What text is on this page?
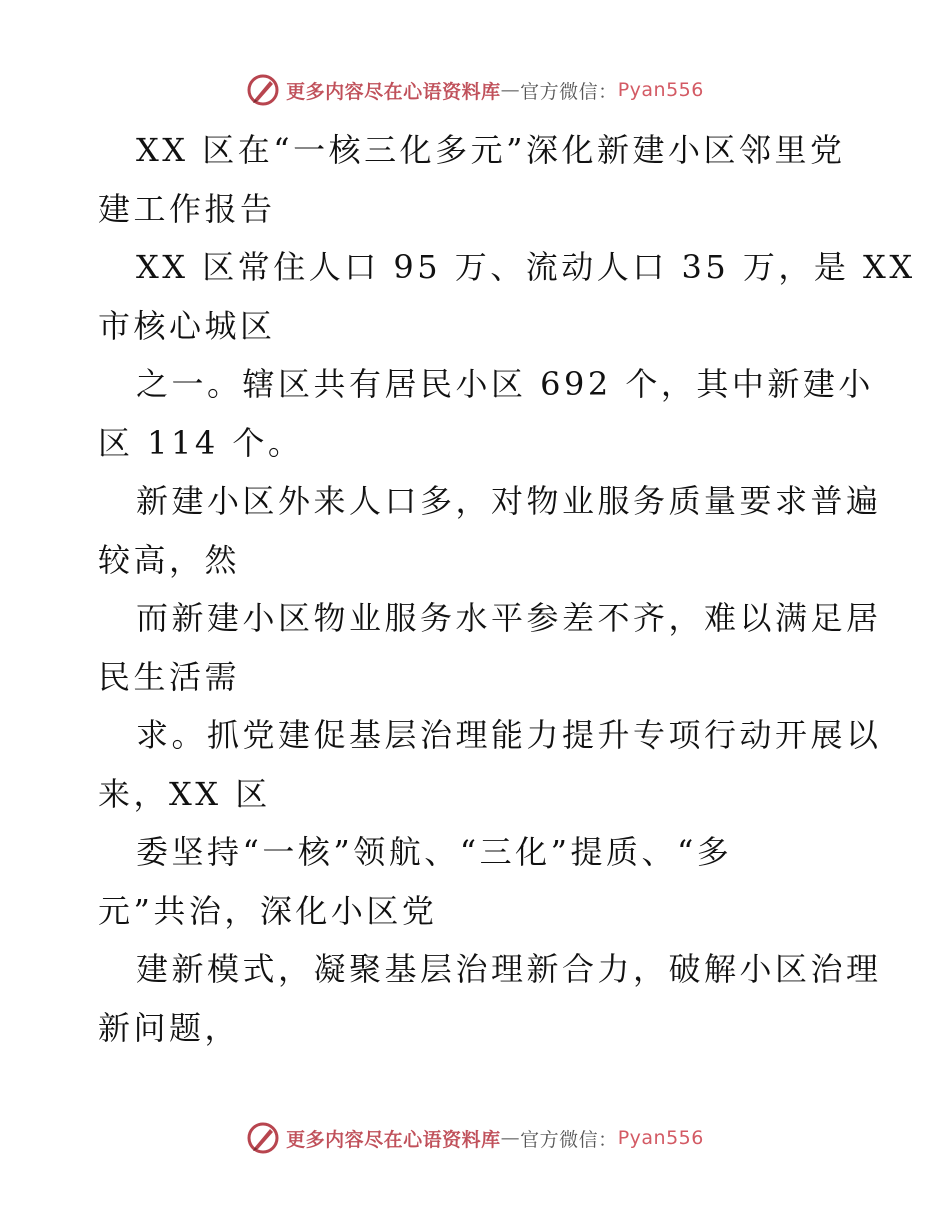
更多内容尽在心语资料库 — 官方微信： Pyan556
XX 区在“一核三化多元”深化新建小区邻里党
建工作报告
XX 区常住人口 95 万、流动人口 35 万，是 XX
市核心城区
之一。辖区共有居民小区 692 个，其中新建小
区 114 个。
新建小区外来人口多，对物业服务质量要求普遍
较高，然
而新建小区物业服务水平参差不齐，难以满足居
民生活需
求。抓党建促基层治理能力提升专项行动开展以
来，XX 区
委坚持“一核”领航、“三化”提质、“多
元”共治，深化小区党
建新模式，凝聚基层治理新合力，破解小区治理
新问题，
更多内容尽在心语资料库 — 官方微信： Pyan556
